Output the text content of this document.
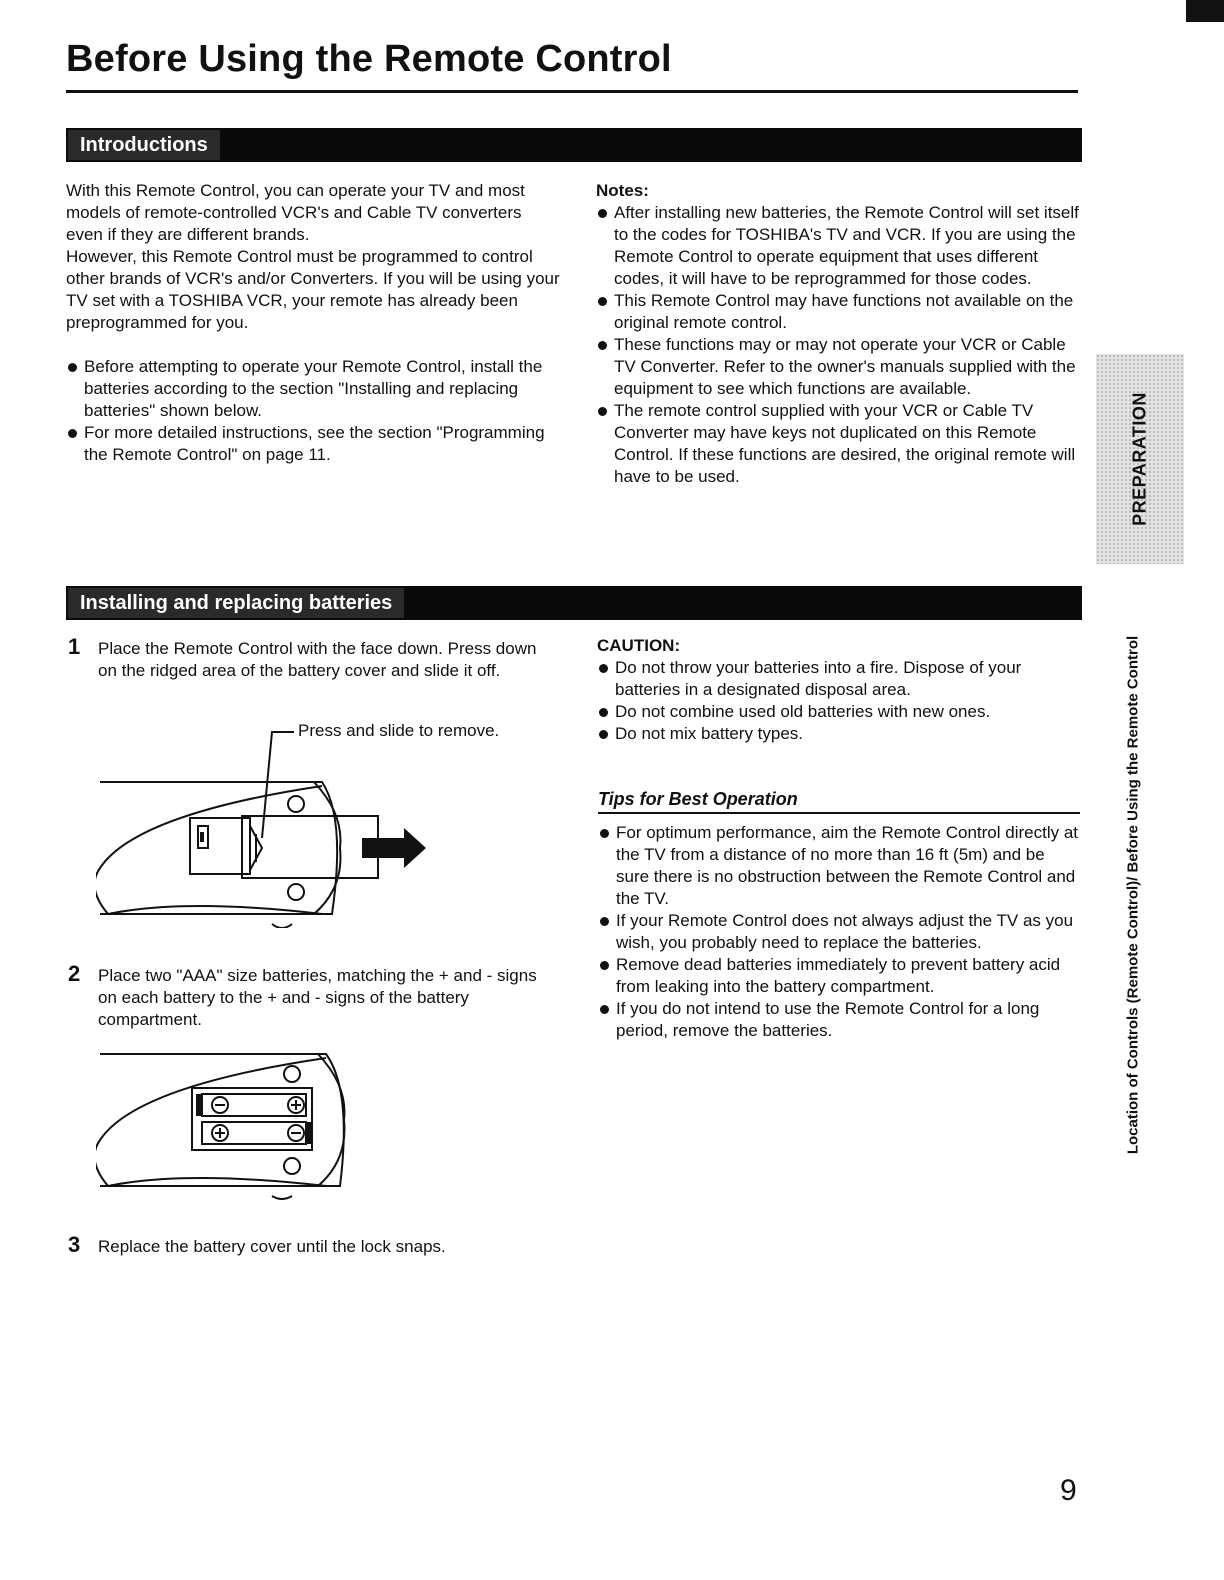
Before Using the Remote Control
Introductions

With this Remote Control, you can operate your TV and most models of remote-controlled VCR's and Cable TV converters even if they are different brands.

However, this Remote Control must be programmed to control other brands of VCR's and/or Converters. If you will be using your TV set with a TOSHIBA VCR, your remote has already been preprogrammed for you.

Before attempting to operate your Remote Control, install the batteries according to the section "Installing and replacing batteries" shown below.
For more detailed instructions, see the section "Programming the Remote Control" on page 11.
Notes:
After installing new batteries, the Remote Control will set itself to the codes for TOSHIBA's TV and VCR. If you are using the Remote Control to operate equipment that uses different codes, it will have to be reprogrammed for those codes.
This Remote Control may have functions not available on the original remote control.
These functions may or may not operate your VCR or Cable TV Converter. Refer to the owner's manuals supplied with the equipment to see which functions are available.
The remote control supplied with your VCR or Cable TV Converter may have keys not duplicated on this Remote Control. If these functions are desired, the original remote will have to be used.
Installing and replacing batteries
1 Place the Remote Control with the face down. Press down on the ridged area of the battery cover and slide it off.
Press and slide to remove.
2 Place two "AAA" size batteries, matching the + and - signs on each battery to the + and - signs of the battery compartment.
3 Replace the battery cover until the lock snaps.
CAUTION:
Do not throw your batteries into a fire. Dispose of your batteries in a designated disposal area.
Do not combine used old batteries with new ones.
Do not mix battery types.
Tips for Best Operation
For optimum performance, aim the Remote Control directly at the TV from a distance of no more than 16 ft (5m) and be sure there is no obstruction between the Remote Control and the TV.
If your Remote Control does not always adjust the TV as you wish, you probably need to replace the batteries.
Remove dead batteries immediately to prevent battery acid from leaking into the battery compartment.
If you do not intend to use the Remote Control for a long period, remove the batteries.
PREPARATION
Location of Controls (Remote Control)/ Before Using the Remote Control
9
